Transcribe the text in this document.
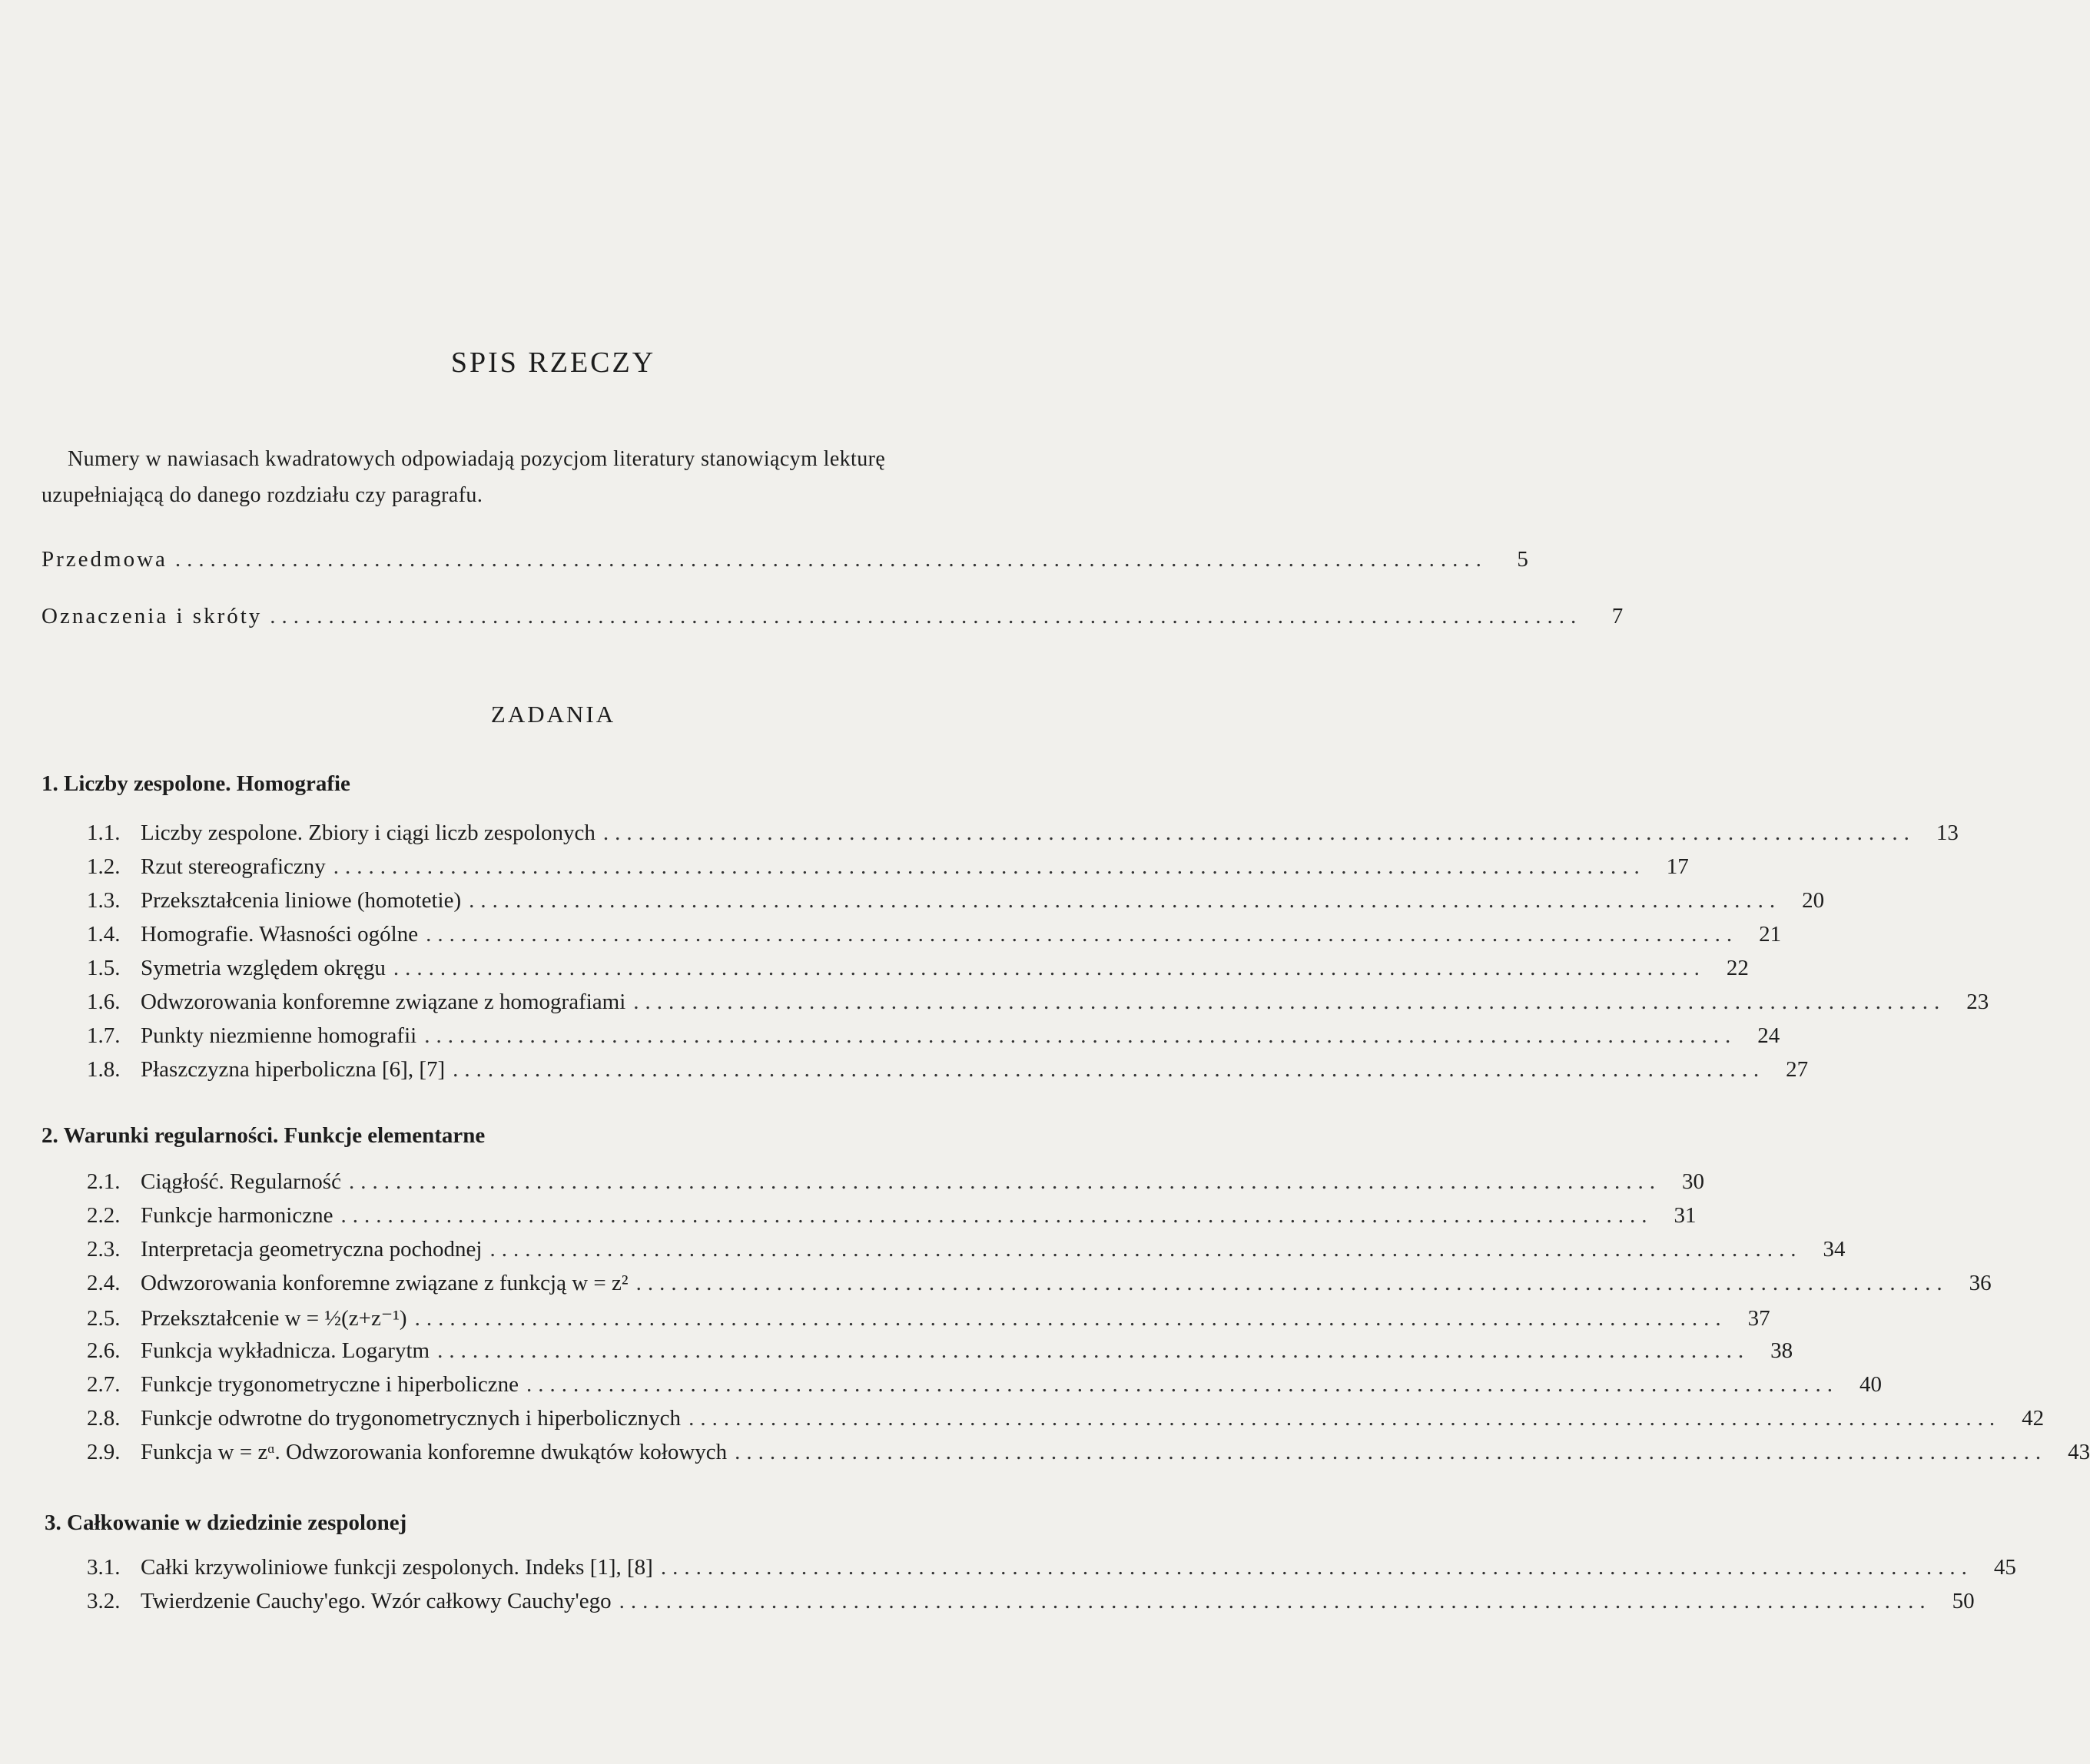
SPIS RZECZY
Numery w nawiasach kwadratowych odpowiadają pozycjom literatury stanowiącym lekturę
uzupełniającą do danego rozdziału czy paragrafu.
Przedmowa ................................................................................................................	5
Oznaczenia i skróty ................................................................................................................	7
ZADANIA
1. Liczby zespolone. Homografie
1.1. Liczby zespolone. Zbiory i ciągi liczb zespolonych ................................................................................................................ 13
1.2. Rzut stereograficzny ................................................................................................................ 17
1.3. Przekształcenia liniowe (homotetie) ................................................................................................................ 20
1.4. Homografie. Własności ogólne ................................................................................................................ 21
1.5. Symetria względem okręgu ................................................................................................................ 22
1.6. Odwzorowania konforemne związane z homografiami ................................................................................................................ 23
1.7. Punkty niezmienne homografii ................................................................................................................ 24
1.8. Płaszczyzna hiperboliczna [6], [7] ................................................................................................................ 27
2. Warunki regularności. Funkcje elementarne
2.1. Ciągłość. Regularność ................................................................................................................ 30
2.2. Funkcje harmoniczne ................................................................................................................ 31
2.3. Interpretacja geometryczna pochodnej ................................................................................................................ 34
2.4. Odwzorowania konforemne związane z funkcją w = z² ................................................................................................................ 36
2.5. Przekształcenie w = ½(z+z⁻¹) ................................................................................................................ 37
2.6. Funkcja wykładnicza. Logarytm ................................................................................................................ 38
2.7. Funkcje trygonometryczne i hiperboliczne ................................................................................................................ 40
2.8. Funkcje odwrotne do trygonometrycznych i hiperbolicznych ................................................................................................................ 42
2.9. Funkcja w = zᵅ. Odwzorowania konforemne dwukątów kołowych ................................................................................................................ 43
3. Całkowanie w dziedzinie zespolonej
3.1. Całki krzywoliniowe funkcji zespolonych. Indeks [1], [8] ................................................................................................................ 45
3.2. Twierdzenie Cauchy'ego. Wzór całkowy Cauchy'ego ................................................................................................................ 50
